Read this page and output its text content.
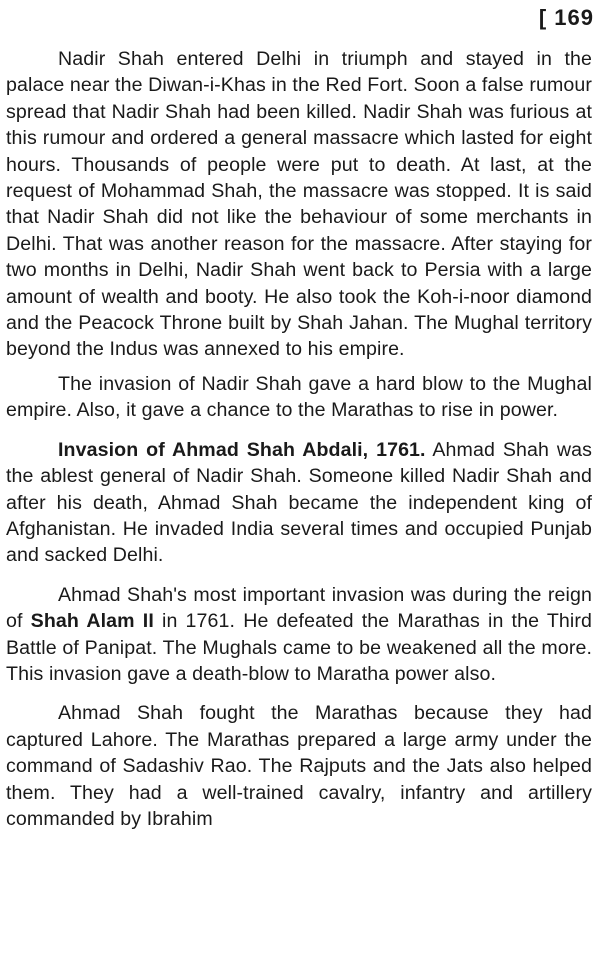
[ 169

Nadir Shah entered Delhi in triumph and stayed in the palace near the Diwan-i-Khas in the Red Fort. Soon a false rumour spread that Nadir Shah had been killed. Nadir Shah was furious at this rumour and ordered a general massacre which lasted for eight hours. Thousands of people were put to death. At last, at the request of Mohammad Shah, the massacre was stopped. It is said that Nadir Shah did not like the behaviour of some merchants in Delhi. That was another reason for the massacre. After staying for two months in Delhi, Nadir Shah went back to Persia with a large amount of wealth and booty. He also took the Koh-i-noor diamond and the Peacock Throne built by Shah Jahan. The Mughal territory beyond the Indus was annexed to his empire.

The invasion of Nadir Shah gave a hard blow to the Mughal empire. Also, it gave a chance to the Marathas to rise in power.

Invasion of Ahmad Shah Abdali, 1761. Ahmad Shah was the ablest general of Nadir Shah. Someone killed Nadir Shah and after his death, Ahmad Shah became the independent king of Afghanistan. He invaded India several times and occupied Punjab and sacked Delhi.

Ahmad Shah's most important invasion was during the reign of Shah Alam II in 1761. He defeated the Marathas in the Third Battle of Panipat. The Mughals came to be weakened all the more. This invasion gave a death-blow to Maratha power also.

Ahmad Shah fought the Marathas because they had captured Lahore. The Marathas prepared a large army under the command of Sadashiv Rao. The Rajputs and the Jats also helped them. They had a well-trained cavalry, infantry and artillery commanded by Ibrahim
